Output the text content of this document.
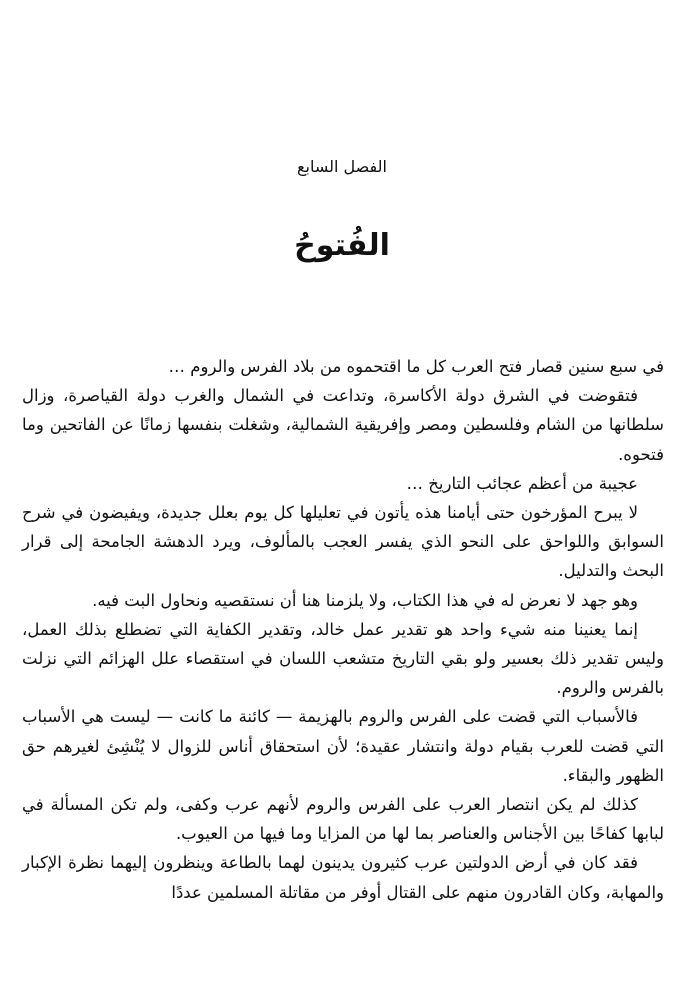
الفصل السابع
الفُتوحُ

في سبع سنين قصار فتح العرب كل ما اقتحموه من بلاد الفرس والروم …

فتقوضت في الشرق دولة الأكاسرة، وتداعت في الشمال والغرب دولة القياصرة، وزال سلطانها من الشام وفلسطين ومصر وإفريقية الشمالية، وشغلت بنفسها زمانًا عن الفاتحين وما فتحوه.

عجيبة من أعظم عجائب التاريخ …

لا يبرح المؤرخون حتى أيامنا هذه يأتون في تعليلها كل يوم بعلل جديدة، ويفيضون في شرح السوابق واللواحق على النحو الذي يفسر العجب بالمألوف، ويرد الدهشة الجامحة إلى قرار البحث والتدليل.

وهو جهد لا نعرض له في هذا الكتاب، ولا يلزمنا هنا أن نستقصيه ونحاول البت فيه.

إنما يعنينا منه شيء واحد هو تقدير عمل خالد، وتقدير الكفاية التي تضطلع بذلك العمل، وليس تقدير ذلك بعسير ولو بقي التاريخ متشعب اللسان في استقصاء علل الهزائم التي نزلت بالفرس والروم.

فالأسباب التي قضت على الفرس والروم بالهزيمة — كائنة ما كانت — ليست هي الأسباب التي قضت للعرب بقيام دولة وانتشار عقيدة؛ لأن استحقاق أناس للزوال لا يُنْشِئ لغيرهم حق الظهور والبقاء.

كذلك لم يكن انتصار العرب على الفرس والروم لأنهم عرب وكفى، ولم تكن المسألة في لبابها كفاحًا بين الأجناس والعناصر بما لها من المزايا وما فيها من العيوب.

فقد كان في أرض الدولتين عرب كثيرون يدينون لهما بالطاعة وينظرون إليهما نظرة الإكبار والمهابة، وكان القادرون منهم على القتال أوفر من مقاتلة المسلمين عددًا
